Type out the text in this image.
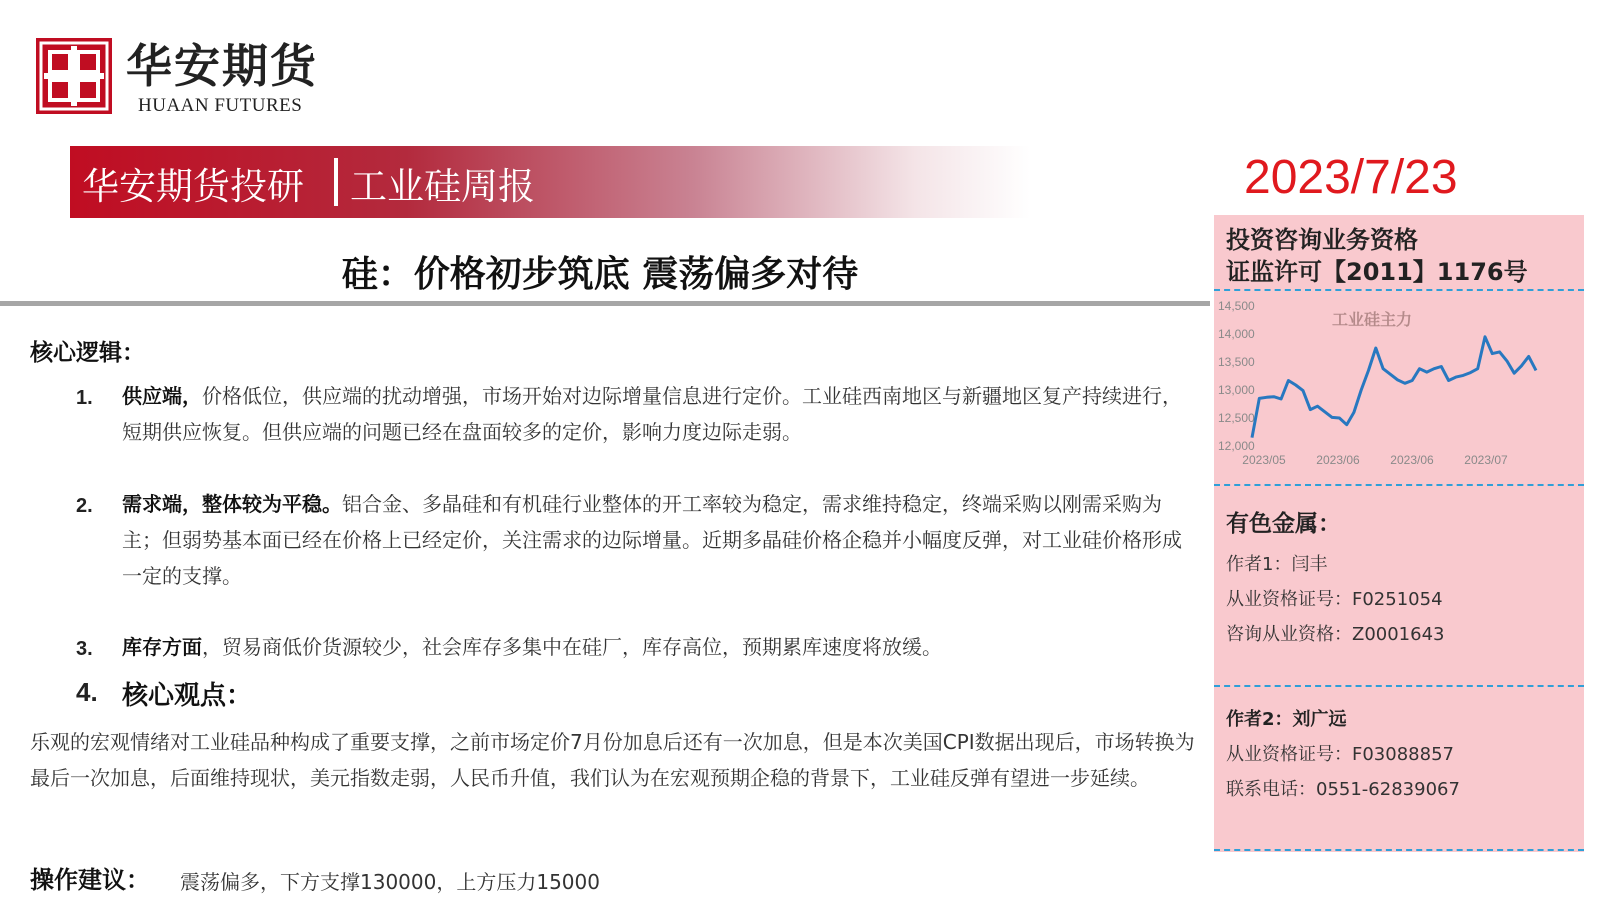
华安期货
HUAAN FUTURES
华安期货投研 工业硅周报	2023/7/23
硅：价格初步筑底 震荡偏多对待
核心逻辑：
1. 供应端，价格低位，供应端的扰动增强，市场开始对边际增量信息进行定价。工业硅西南地区与新疆地区复产持续进行，短期供应恢复。但供应端的问题已经在盘面较多的定价，影响力度边际走弱。
2. 需求端，整体较为平稳。铝合金、多晶硅和有机硅行业整体的开工率较为稳定，需求维持稳定，终端采购以刚需采购为主；但弱势基本面已经在价格上已经定价，关注需求的边际增量。近期多晶硅价格企稳并小幅度反弹，对工业硅价格形成一定的支撑。
3. 库存方面，贸易商低价货源较少，社会库存多集中在硅厂，库存高位，预期累库速度将放缓。
4. 核心观点：
乐观的宏观情绪对工业硅品种构成了重要支撑，之前市场定价7月份加息后还有一次加息，但是本次美国CPI数据出现后，市场转换为最后一次加息，后面维持现状，美元指数走弱，人民币升值，我们认为在宏观预期企稳的背景下，工业硅反弹有望进一步延续。
操作建议： 震荡偏多，下方支撑130000，上方压力15000
投资咨询业务资格
证监许可【2011】1176号
14,500
14,000
13,500
13,000
12,500
12,000
2023/05	2023/06	2023/06	2023/07
工业硅主力
有色金属：
作者1：闫丰
从业资格证号：F0251054
咨询从业资格：Z0001643
作者2：刘广远
从业资格证号：F03088857
联系电话：0551-62839067
